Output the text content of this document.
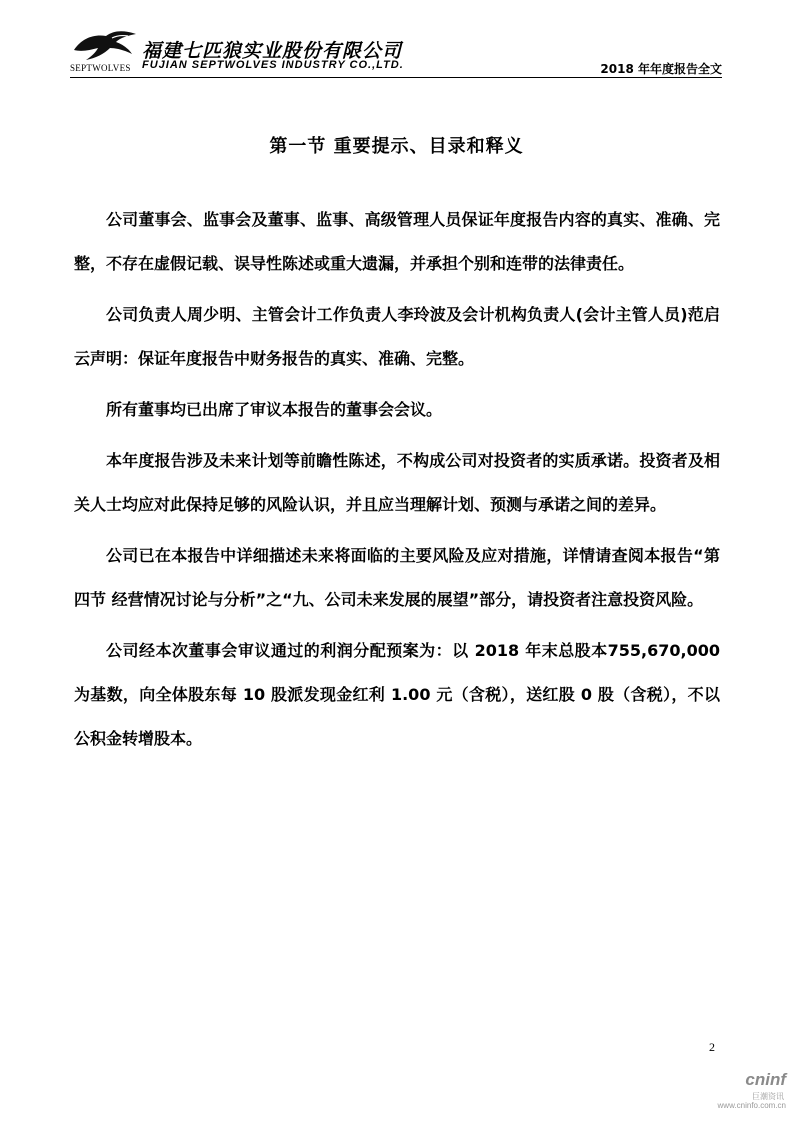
福建七匹狼实业股份有限公司
FUJIAN SEPTWOLVES INDUSTRY CO.,LTD.
SEPTWOLVES	2018 年年度报告全文
第一节 重要提示、目录和释义

公司董事会、监事会及董事、监事、高级管理人员保证年度报告内容的真实、准确、完整，不存在虚假记载、误导性陈述或重大遗漏，并承担个别和连带的法律责任。

公司负责人周少明、主管会计工作负责人李玲波及会计机构负责人(会计主管人员)范启云声明：保证年度报告中财务报告的真实、准确、完整。

所有董事均已出席了审议本报告的董事会会议。

本年度报告涉及未来计划等前瞻性陈述，不构成公司对投资者的实质承诺。投资者及相关人士均应对此保持足够的风险认识，并且应当理解计划、预测与承诺之间的差异。

公司已在本报告中详细描述未来将面临的主要风险及应对措施，详情请查阅本报告“第四节 经营情况讨论与分析”之“九、公司未来发展的展望”部分，请投资者注意投资风险。

公司经本次董事会审议通过的利润分配预案为：以 2018 年末总股本755,670,000 为基数，向全体股东每 10 股派发现金红利 1.00 元（含税），送红股 0 股（含税），不以公积金转增股本。

2
cninf
巨潮资讯
www.cninfo.com.cn
